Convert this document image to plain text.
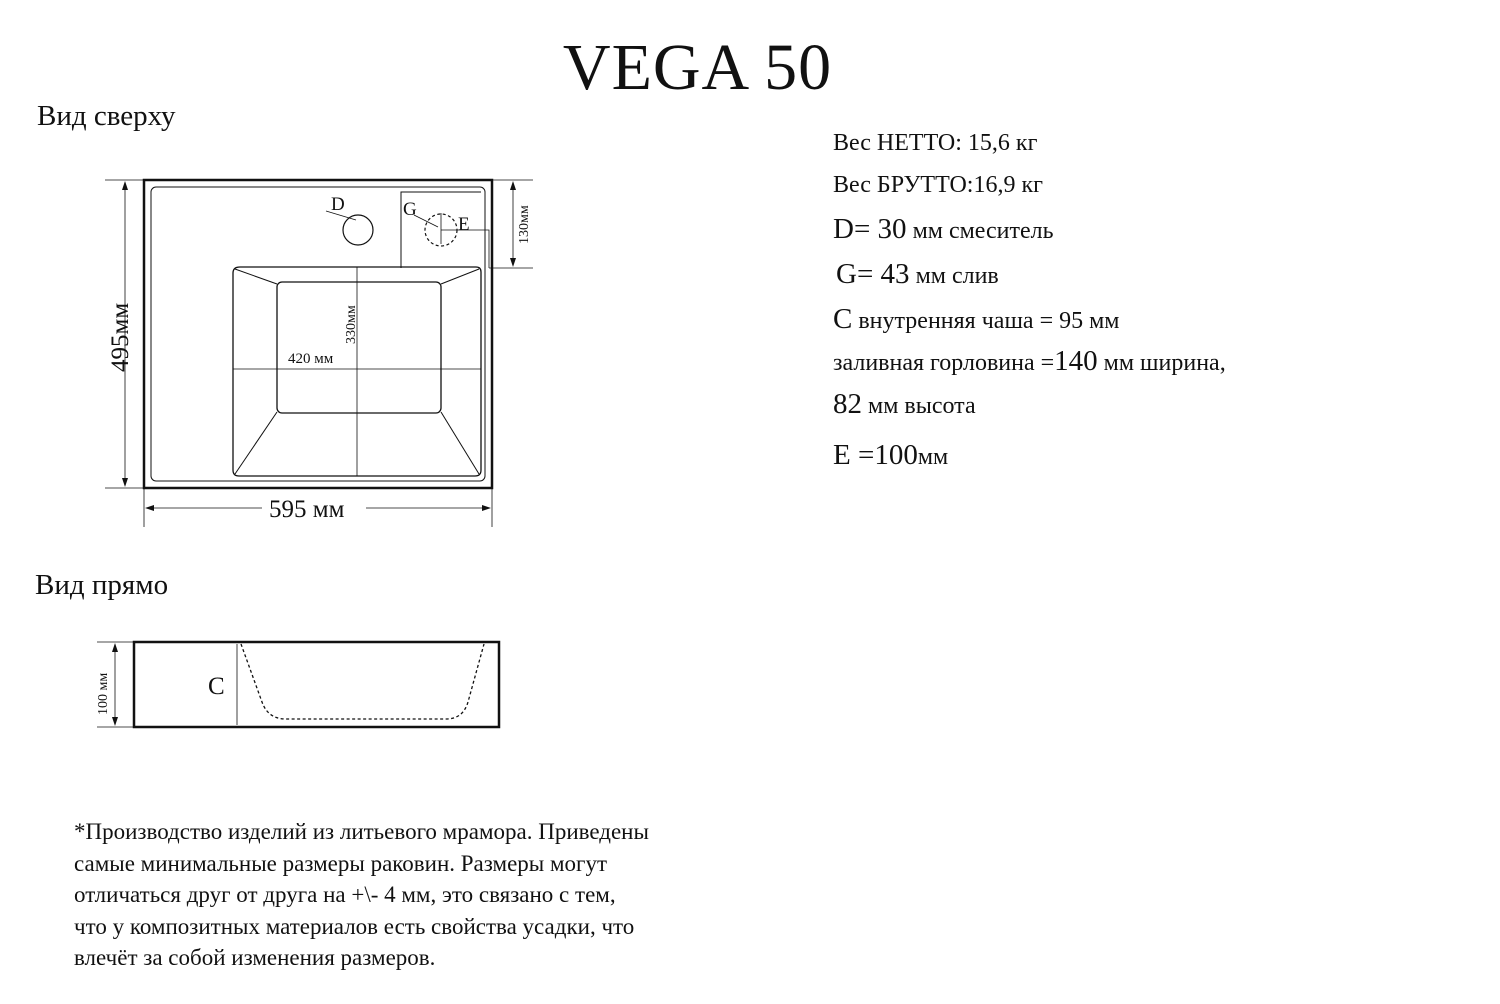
VEGA 50
Вид сверху
Вид прямо
D	G
E
420 мм
330мм
495мм
595 мм
130мм
C
100 мм
Вес НЕТТО: 15,6 кг
Вес БРУТТО:16,9 кг
D= 30 мм смеситель
G= 43 мм слив
C внутренняя чаша = 95 мм
заливная горловина =140 мм ширина,
82 мм высота
E =100мм
*Производство изделий из литьевого мрамора. Приведены
самые минимальные размеры раковин. Размеры могут
отличаться друг от друга на +\- 4 мм, это связано с тем,
что у композитных материалов есть свойства усадки, что
влечёт за собой изменения размеров.
